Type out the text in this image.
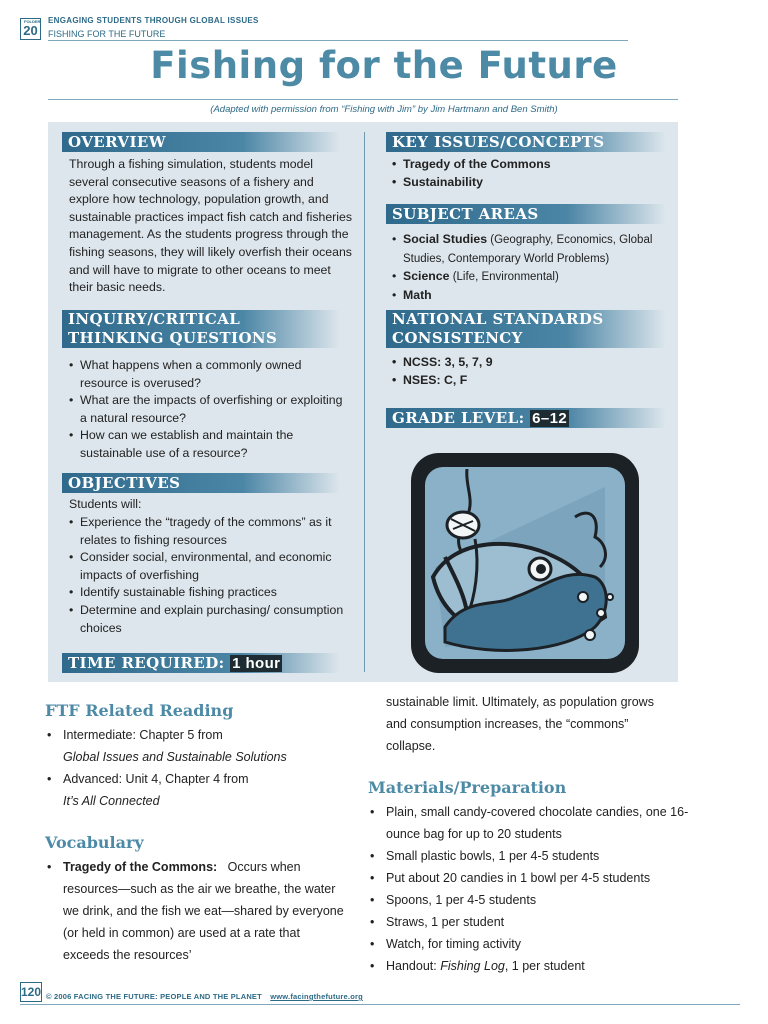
FOLDER
20
ENGAGING STUDENTS THROUGH GLOBAL ISSUES
FISHING FOR THE FUTURE
Fishing for the Future
(Adapted with permission from “Fishing with Jim” by Jim Hartmann and Ben Smith)
OVERVIEW
Through a fishing simulation, students model several consecutive seasons of a fishery and explore how technology, population growth, and sustainable practices impact fish catch and fisheries management. As the students progress through the fishing seasons, they will likely overfish their oceans and will have to migrate to other oceans to meet their basic needs.
INQUIRY/CRITICAL
THINKING QUESTIONS
• What happens when a commonly owned resource is overused?
• What are the impacts of overfishing or exploiting a natural resource?
• How can we establish and maintain the sustainable use of a resource?
OBJECTIVES
Students will:
• Experience the “tragedy of the commons” as it relates to fishing resources
• Consider social, environmental, and economic impacts of overfishing
• Identify sustainable fishing practices
• Determine and explain purchasing/ consumption choices
TIME REQUIRED: 1 hour
KEY ISSUES/CONCEPTS
• Tragedy of the Commons
• Sustainability
SUBJECT AREAS
• Social Studies (Geography, Economics, Global Studies, Contemporary World Problems)
• Science (Life, Environmental)
• Math
NATIONAL STANDARDS
CONSISTENCY
• NCSS: 3, 5, 7, 9
• NSES: C, F
GRADE LEVEL: 6–12
FTF Related Reading
• Intermediate: Chapter 5 from
Global Issues and Sustainable Solutions
• Advanced: Unit 4, Chapter 4 from
It’s All Connected
Vocabulary
• Tragedy of the Commons: Occurs when resources—such as the air we breathe, the water we drink, and the fish we eat—shared by everyone (or held in common) are used at a rate that exceeds the resources’
sustainable limit. Ultimately, as population grows and consumption increases, the “commons” collapse.
Materials/Preparation
• Plain, small candy-covered chocolate candies, one 16-ounce bag for up to 20 students
• Small plastic bowls, 1 per 4-5 students
• Put about 20 candies in 1 bowl per 4-5 students
• Spoons, 1 per 4-5 students
• Straws, 1 per student
• Watch, for timing activity
• Handout: Fishing Log, 1 per student
120 © 2006 FACING THE FUTURE: PEOPLE AND THE PLANET www.facingthefuture.org
